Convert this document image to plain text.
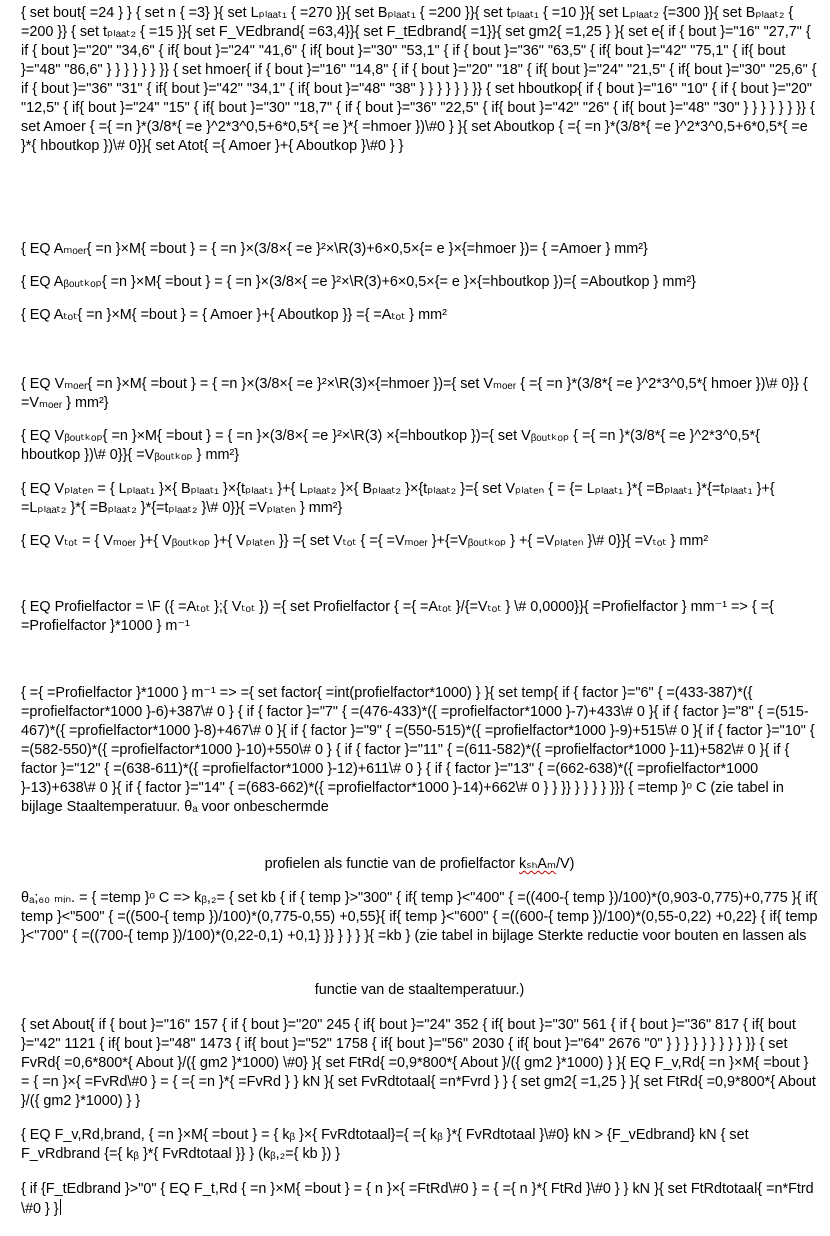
{ set bout{ =24 } } { set n { =3} }{ set Lₚₗₐₐₜ₁ { =270 }}{ set Bₚₗₐₐₜ₁ { =200 }}{ set tₚₗₐₐₜ₁ { =10 }}{ set Lₚₗₐₐₜ₂ {=300 }}{ set Bₚₗₐₐₜ₂ { =200 }} { set tₚₗₐₐₜ₂ { =15 }}{ set F_VEdbrand{ =63,4}}{ set F_tEdbrand{ =1}}{ set gm2{ =1,25 } }{ set e{ if { bout }="16" "27,7" { if { bout }="20" "34,6" { if{ bout }="24" "41,6" { if{ bout }="30" "53,1" { if { bout }="36" "63,5" { if{ bout }="42" "75,1" { if{ bout }="48" "86,6" } } } } } } }} { set hmoer{ if { bout }="16" "14,8" { if { bout }="20" "18" { if{ bout }="24" "21,5" { if{ bout }="30" "25,6" { if { bout }="36" "31" { if{ bout }="42" "34,1" { if{ bout }="48" "38" } } } } } } }} { set hboutkop{ if { bout }="16" "10" { if { bout }="20" "12,5" { if{ bout }="24" "15" { if{ bout }="30" "18,7" { if { bout }="36" "22,5" { if{ bout }="42" "26" { if{ bout }="48" "30" } } } } } } }} { set Amoer { ={ =n }*(3/8*{ =e }^2*3^0,5+6*0,5*{ =e }*{ =hmoer })\#0 } }{ set Aboutkop { ={ =n }*(3/8*{ =e }^2*3^0,5+6*0,5*{ =e }*{ hboutkop })\# 0}}{ set Atot{ ={ Amoer }+{ Aboutkop }\#0 } }

{ EQ Aₘₒₑᵣ{ =n }×M{ =bout } = { =n }×(3/8×{ =e }²×\R(3)+6×0,5×{= e }×{=hmoer })= { =Amoer } mm²}

{ EQ Aᵦₒᵤₜₖₒₚ{ =n }×M{ =bout } = { =n }×(3/8×{ =e }²×\R(3)+6×0,5×{= e }×{=hboutkop })={ =Aboutkop } mm²}

{ EQ Aₜₒₜ{ =n }×M{ =bout } = { Amoer }+{ Aboutkop }} ={ =Aₜₒₜ } mm²

{ EQ Vₘₒₑᵣ{ =n }×M{ =bout } = { =n }×(3/8×{ =e }²×\R(3)×{=hmoer })={ set Vₘₒₑᵣ { ={ =n }*(3/8*{ =e }^2*3^0,5*{ hmoer })\# 0}} { =Vₘₒₑᵣ } mm²}

{ EQ Vᵦₒᵤₜₖₒₚ{ =n }×M{ =bout } = { =n }×(3/8×{ =e }²×\R(3) ×{=hboutkop })={ set Vᵦₒᵤₜₖₒₚ { ={ =n }*(3/8*{ =e }^2*3^0,5*{ hboutkop })\# 0}}{ =Vᵦₒᵤₜₖₒₚ } mm²}

{ EQ Vₚₗₐₜₑₙ = { Lₚₗₐₐₜ₁ }×{ Bₚₗₐₐₜ₁ }×{tₚₗₐₐₜ₁ }+{ Lₚₗₐₐₜ₂ }×{ Bₚₗₐₐₜ₂ }×{tₚₗₐₐₜ₂ }={ set Vₚₗₐₜₑₙ { = {= Lₚₗₐₐₜ₁ }*{ =Bₚₗₐₐₜ₁ }*{=tₚₗₐₐₜ₁ }+{ =Lₚₗₐₐₜ₂ }*{ =Bₚₗₐₐₜ₂ }*{=tₚₗₐₐₜ₂ }\# 0}}{ =Vₚₗₐₜₑₙ } mm²}

{ EQ Vₜₒₜ = { Vₘₒₑᵣ }+{ Vᵦₒᵤₜₖₒₚ }+{ Vₚₗₐₜₑₙ }} ={ set Vₜₒₜ { ={ =Vₘₒₑᵣ }+{=Vᵦₒᵤₜₖₒₚ } +{ =Vₚₗₐₜₑₙ }\# 0}}{ =Vₜₒₜ } mm²

{ EQ Profielfactor = \F ({ =Aₜₒₜ };{ Vₜₒₜ }) ={ set Profielfactor { ={ =Aₜₒₜ }/{=Vₜₒₜ } \# 0,0000}}{ =Profielfactor } mm⁻¹ => { ={ =Profielfactor }*1000 } m⁻¹

{ ={ =Profielfactor }*1000 } m⁻¹ => ={ set factor{ =int(profielfactor*1000) } }{ set temp{ if { factor }="6" { =(433-387)*({ =profielfactor*1000 }-6)+387\# 0 } { if { factor }="7" { =(476-433)*({ =profielfactor*1000 }-7)+433\# 0 }{ if { factor }="8" { =(515-467)*({ =profielfactor*1000 }-8)+467\# 0 }{ if { factor }="9" { =(550-515)*({ =profielfactor*1000 }-9)+515\# 0 }{ if { factor }="10" { =(582-550)*({ =profielfactor*1000 }-10)+550\# 0 } { if { factor }="11" { =(611-582)*({ =profielfactor*1000 }-11)+582\# 0 }{ if { factor }="12" { =(638-611)*({ =profielfactor*1000 }-12)+611\# 0 } { if { factor }="13" { =(662-638)*({ =profielfactor*1000 }-13)+638\# 0 }{ if { factor }="14" { =(683-662)*({ =profielfactor*1000 }-14)+662\# 0 } } }} } } } } }}} { =temp }ᵒ C (zie tabel in bijlage Staaltemperatuur. θₐ voor onbeschermde

profielen als functie van de profielfactor kₛₕAₘ/V)

θₐ;₆₀ ₘᵢₙ. = { =temp }ᵒ C => kᵦ,₂= { set kb { if { temp }>"300" { if{ temp }<"400" { =((400-{ temp })/100)*(0,903-0,775)+0,775 }{ if{ temp }<"500" { =((500-{ temp })/100)*(0,775-0,55) +0,55}{ if{ temp }<"600" { =((600-{ temp })/100)*(0,55-0,22) +0,22} { if{ temp }<"700" { =((700-{ temp })/100)*(0,22-0,1) +0,1} }} } } } }{ =kb } (zie tabel in bijlage Sterkte reductie voor bouten en lassen als

functie van de staaltemperatuur.)

{ set About{ if { bout }="16" 157 { if { bout }="20" 245 { if{ bout }="24" 352 { if{ bout }="30" 561 { if { bout }="36" 817 { if{ bout }="42" 1121 { if{ bout }="48" 1473 { if{ bout }="52" 1758 { if{ bout }="56" 2030 { if{ bout }="64" 2676 "0" } } } } } } } } } }} { set FvRd{ =0,6*800*{ About }/({ gm2 }*1000) \#0} }{ set FtRd{ =0,9*800*{ About }/({ gm2 }*1000) } }{ EQ F_v,Rd{ =n }×M{ =bout } = { =n }×{ =FvRd\#0 } = { ={ =n }*{ =FvRd } } kN }{ set FvRdtotaal{ =n*Fvrd } } { set gm2{ =1,25 } }{ set FtRd{ =0,9*800*{ About }/({ gm2 }*1000) } }

{ EQ F_v,Rd,brand, { =n }×M{ =bout } = { kᵦ }×{ FvRdtotaal}={ ={ kᵦ }*{ FvRdtotaal }\#0} kN > {F_vEdbrand} kN { set F_vRdbrand {={ kᵦ }*{ FvRdtotaal }} } (kᵦ,₂={ kb }) }

{ if {F_tEdbrand }>"0" { EQ F_t,Rd { =n }×M{ =bout } = { n }×{ =FtRd\#0 } = { ={ n }*{ FtRd }\#0 } } kN }{ set FtRdtotaal{ =n*Ftrd \#0 } }
